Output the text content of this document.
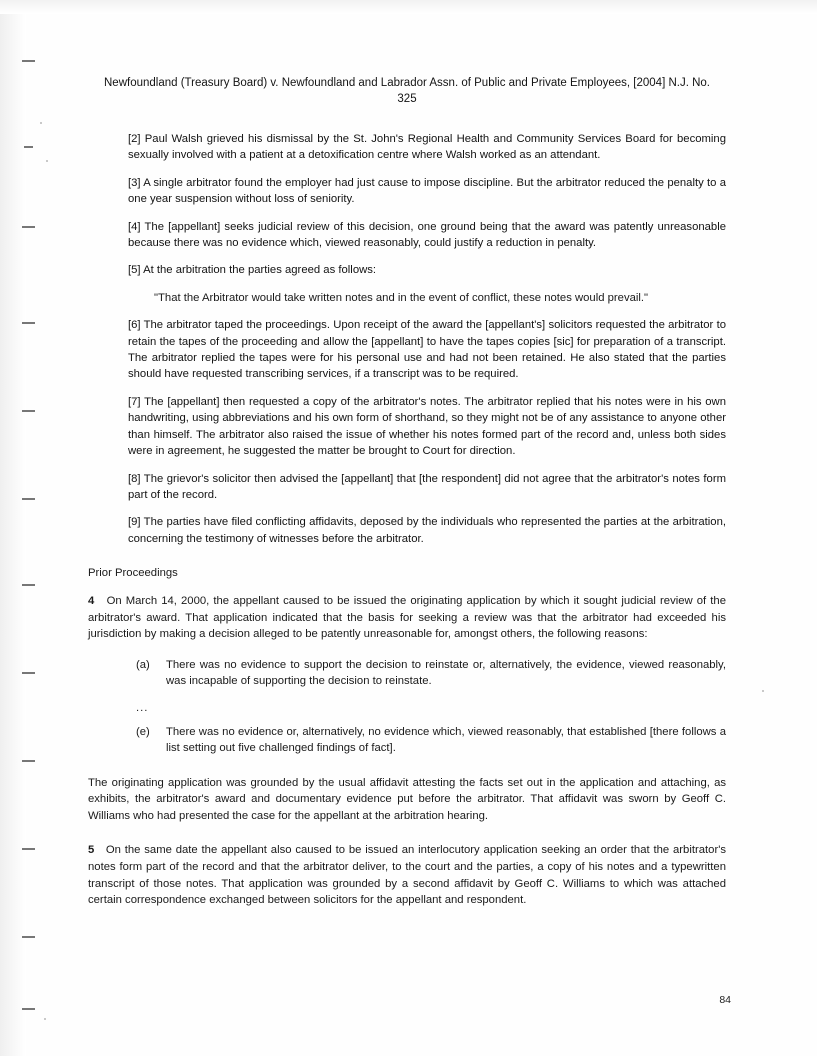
Newfoundland (Treasury Board) v. Newfoundland and Labrador Assn. of Public and Private Employees, [2004] N.J. No. 325

[2] Paul Walsh grieved his dismissal by the St. John's Regional Health and Community Services Board for becoming sexually involved with a patient at a detoxification centre where Walsh worked as an attendant.

[3] A single arbitrator found the employer had just cause to impose discipline. But the arbitrator reduced the penalty to a one year suspension without loss of seniority.

[4] The [appellant] seeks judicial review of this decision, one ground being that the award was patently unreasonable because there was no evidence which, viewed reasonably, could justify a reduction in penalty.

[5] At the arbitration the parties agreed as follows:

"That the Arbitrator would take written notes and in the event of conflict, these notes would prevail."

[6] The arbitrator taped the proceedings. Upon receipt of the award the [appellant's] solicitors requested the arbitrator to retain the tapes of the proceeding and allow the [appellant] to have the tapes copies [sic] for preparation of a transcript. The arbitrator replied the tapes were for his personal use and had not been retained. He also stated that the parties should have requested transcribing services, if a transcript was to be required.

[7] The [appellant] then requested a copy of the arbitrator's notes. The arbitrator replied that his notes were in his own handwriting, using abbreviations and his own form of shorthand, so they might not be of any assistance to anyone other than himself. The arbitrator also raised the issue of whether his notes formed part of the record and, unless both sides were in agreement, he suggested the matter be brought to Court for direction.

[8] The grievor's solicitor then advised the [appellant] that [the respondent] did not agree that the arbitrator's notes form part of the record.

[9] The parties have filed conflicting affidavits, deposed by the individuals who represented the parties at the arbitration, concerning the testimony of witnesses before the arbitrator.

Prior Proceedings

4   On March 14, 2000, the appellant caused to be issued the originating application by which it sought judicial review of the arbitrator's award. That application indicated that the basis for seeking a review was that the arbitrator had exceeded his jurisdiction by making a decision alleged to be patently unreasonable for, amongst others, the following reasons:

(a)	There was no evidence to support the decision to reinstate or, alternatively, the evidence, viewed reasonably, was incapable of supporting the decision to reinstate.
...
(e)	There was no evidence or, alternatively, no evidence which, viewed reasonably, that established [there follows a list setting out five challenged findings of fact].

The originating application was grounded by the usual affidavit attesting the facts set out in the application and attaching, as exhibits, the arbitrator's award and documentary evidence put before the arbitrator. That affidavit was sworn by Geoff C. Williams who had presented the case for the appellant at the arbitration hearing.

5   On the same date the appellant also caused to be issued an interlocutory application seeking an order that the arbitrator's notes form part of the record and that the arbitrator deliver, to the court and the parties, a copy of his notes and a typewritten transcript of those notes. That application was grounded by a second affidavit by Geoff C. Williams to which was attached certain correspondence exchanged between solicitors for the appellant and respondent.

84
